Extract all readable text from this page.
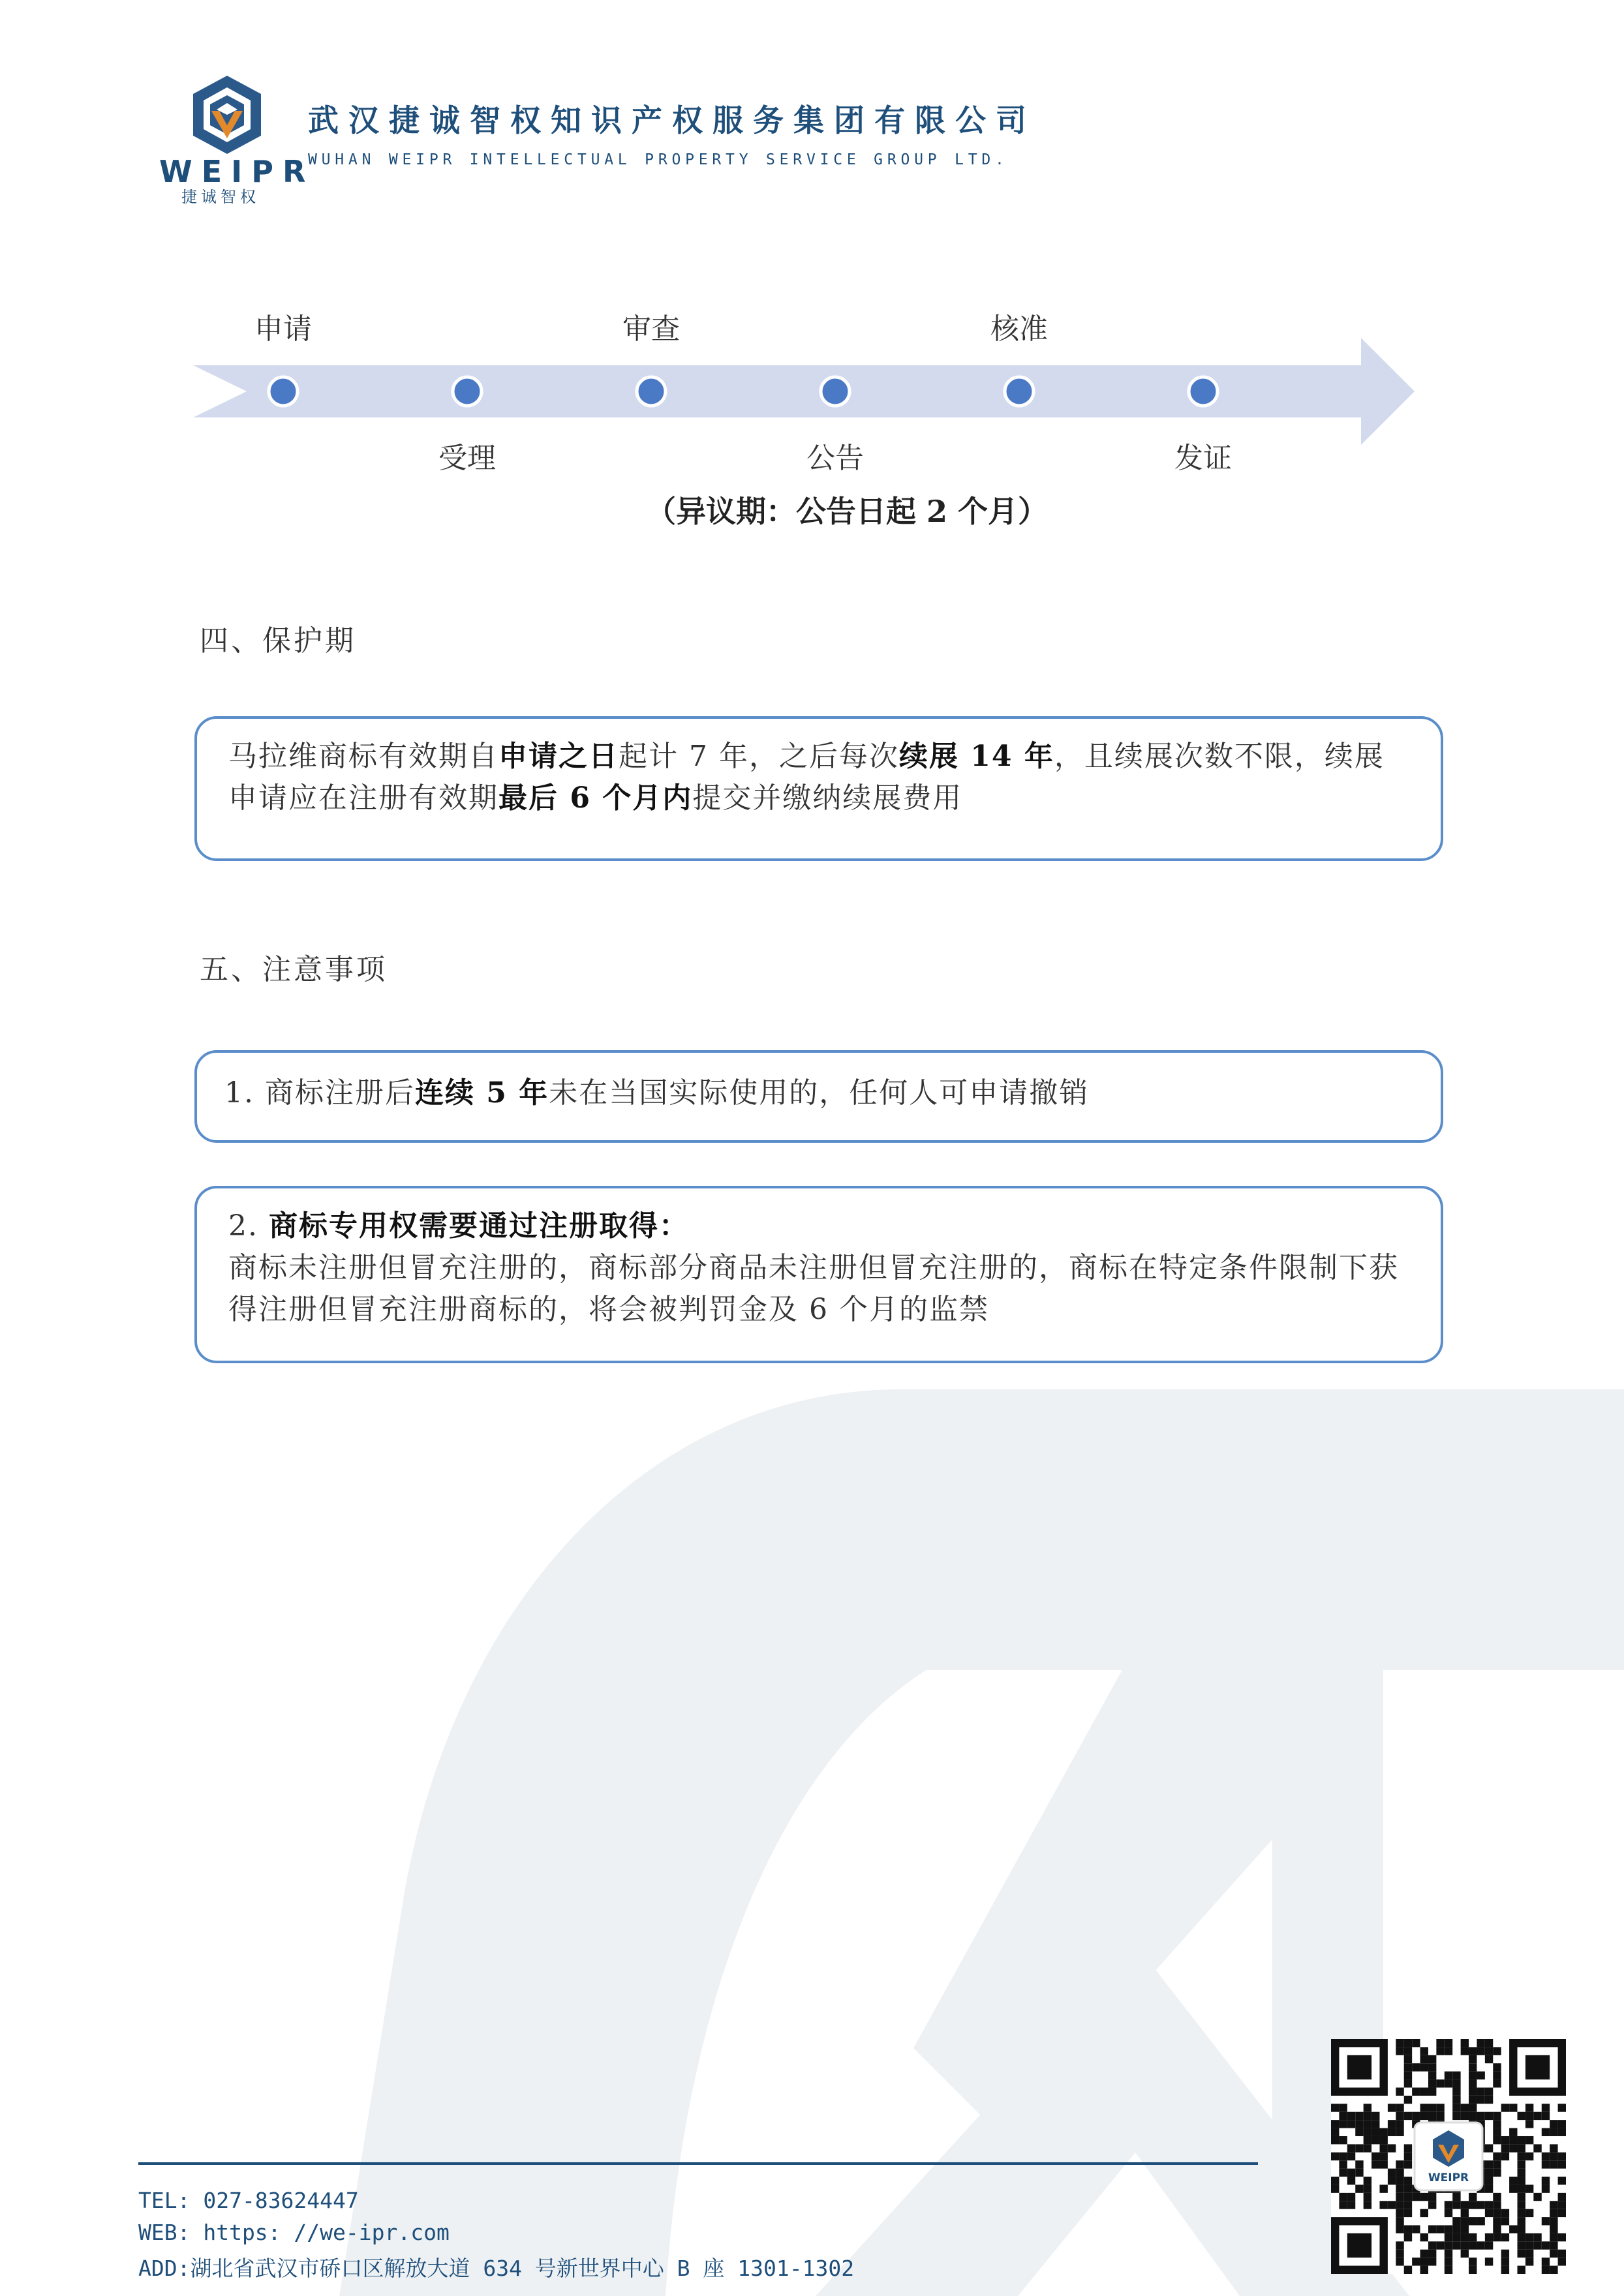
WEIPR
捷诚智权
武汉捷诚智权知识产权服务集团有限公司
WUHAN WEIPR INTELLECTUAL PROPERTY SERVICE GROUP LTD.
申请
受理
审查
公告
核准
发证
（异议期：公告日起 2 个月）
四、保护期
马拉维商标有效期自申请之日起计 7 年，之后每次续展 14 年，且续展次数不限，续展申请应在注册有效期最后 6 个月内提交并缴纳续展费用
五、注意事项
1. 商标注册后连续 5 年未在当国实际使用的，任何人可申请撤销
2. 商标专用权需要通过注册取得：
商标未注册但冒充注册的，商标部分商品未注册但冒充注册的，商标在特定条件限制下获得注册但冒充注册商标的，将会被判罚金及 6 个月的监禁
TEL: 027-83624447
WEB: https: //we-ipr.com
ADD:湖北省武汉市硚口区解放大道 634 号新世界中心 B 座 1301-1302
WEIPR
